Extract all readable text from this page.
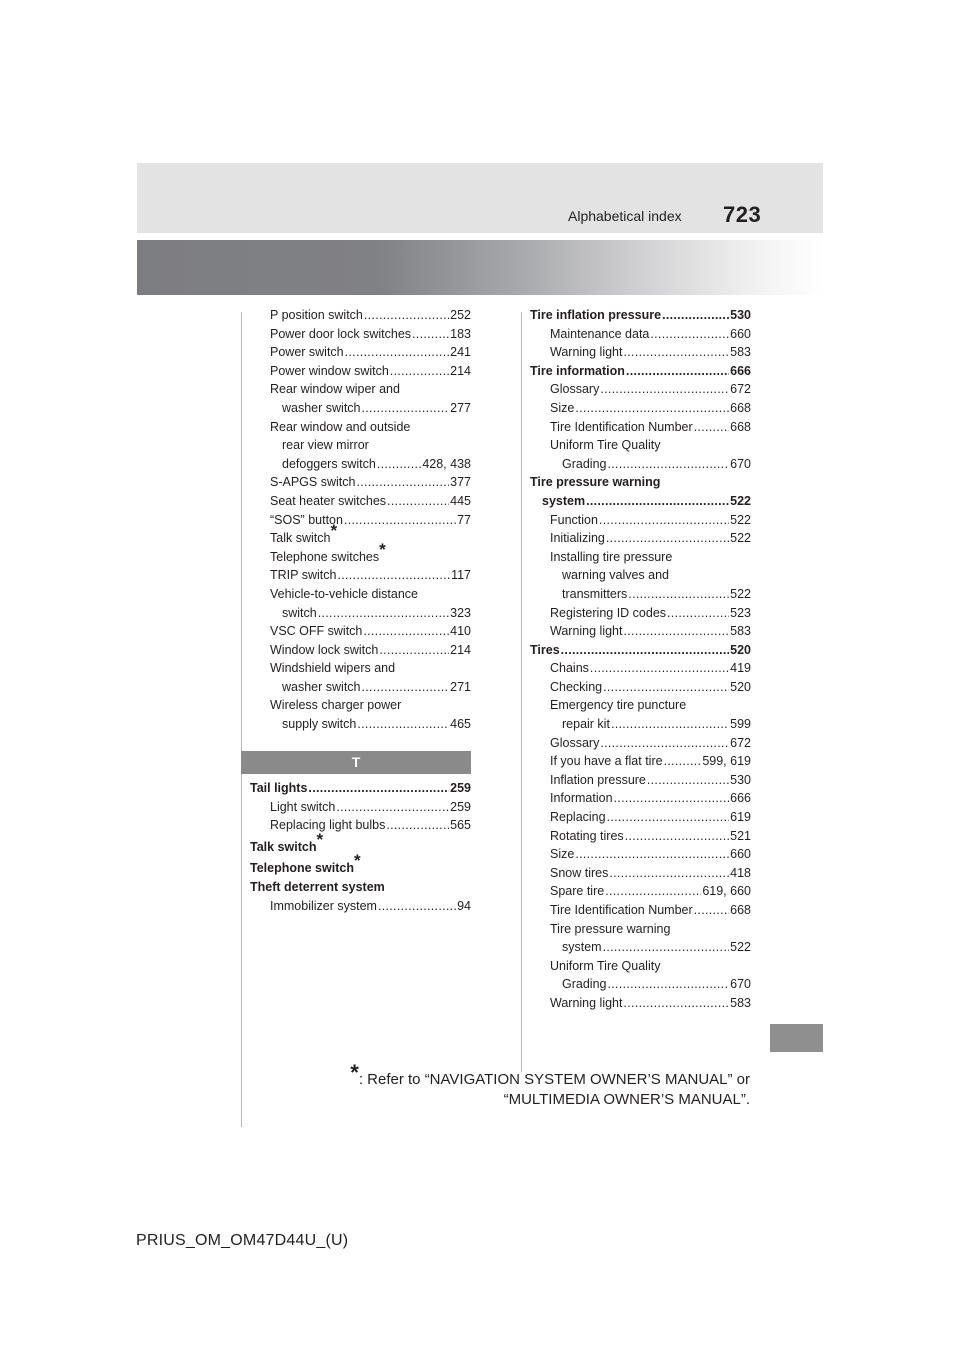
Alphabetical index 723
P position switch .....	252
Power door lock switches .....	183
Power switch .....	241
Power window switch .....	214
Rear window wiper and
washer switch .....	277
Rear window and outside
rear view mirror
defoggers switch .....	428, 438
S-APGS switch .....	377
Seat heater switches .....	445
“SOS” button .....	77
Talk switch*
Telephone switches*
TRIP switch .....	117
Vehicle-to-vehicle distance
switch .....	323
VSC OFF switch .....	410
Window lock switch .....	214
Windshield wipers and
washer switch .....	271
Wireless charger power
supply switch .....	465
T
Tail lights .....	259
Light switch .....	259
Replacing light bulbs .....	565
Talk switch*
Telephone switch*
Theft deterrent system
Immobilizer system .....	94
Tire inflation pressure .....	530
Maintenance data .....	660
Warning light .....	583
Tire information .....	666
Glossary .....	672
Size .....	668
Tire Identification Number .....	668
Uniform Tire Quality
Grading .....	670
Tire pressure warning
system .....	522
Function .....	522
Initializing .....	522
Installing tire pressure
warning valves and
transmitters .....	522
Registering ID codes .....	523
Warning light .....	583
Tires .....	520
Chains .....	419
Checking .....	520
Emergency tire puncture
repair kit .....	599
Glossary .....	672
If you have a flat tire .....	599, 619
Inflation pressure .....	530
Information .....	666
Replacing .....	619
Rotating tires .....	521
Size .....	660
Snow tires .....	418
Spare tire .....	619, 660
Tire Identification Number .....	668
Tire pressure warning
system .....	522
Uniform Tire Quality
Grading .....	670
Warning light .....	583
*: Refer to “NAVIGATION SYSTEM OWNER’S MANUAL” or
“MULTIMEDIA OWNER’S MANUAL”.
PRIUS_OM_OM47D44U_(U)
